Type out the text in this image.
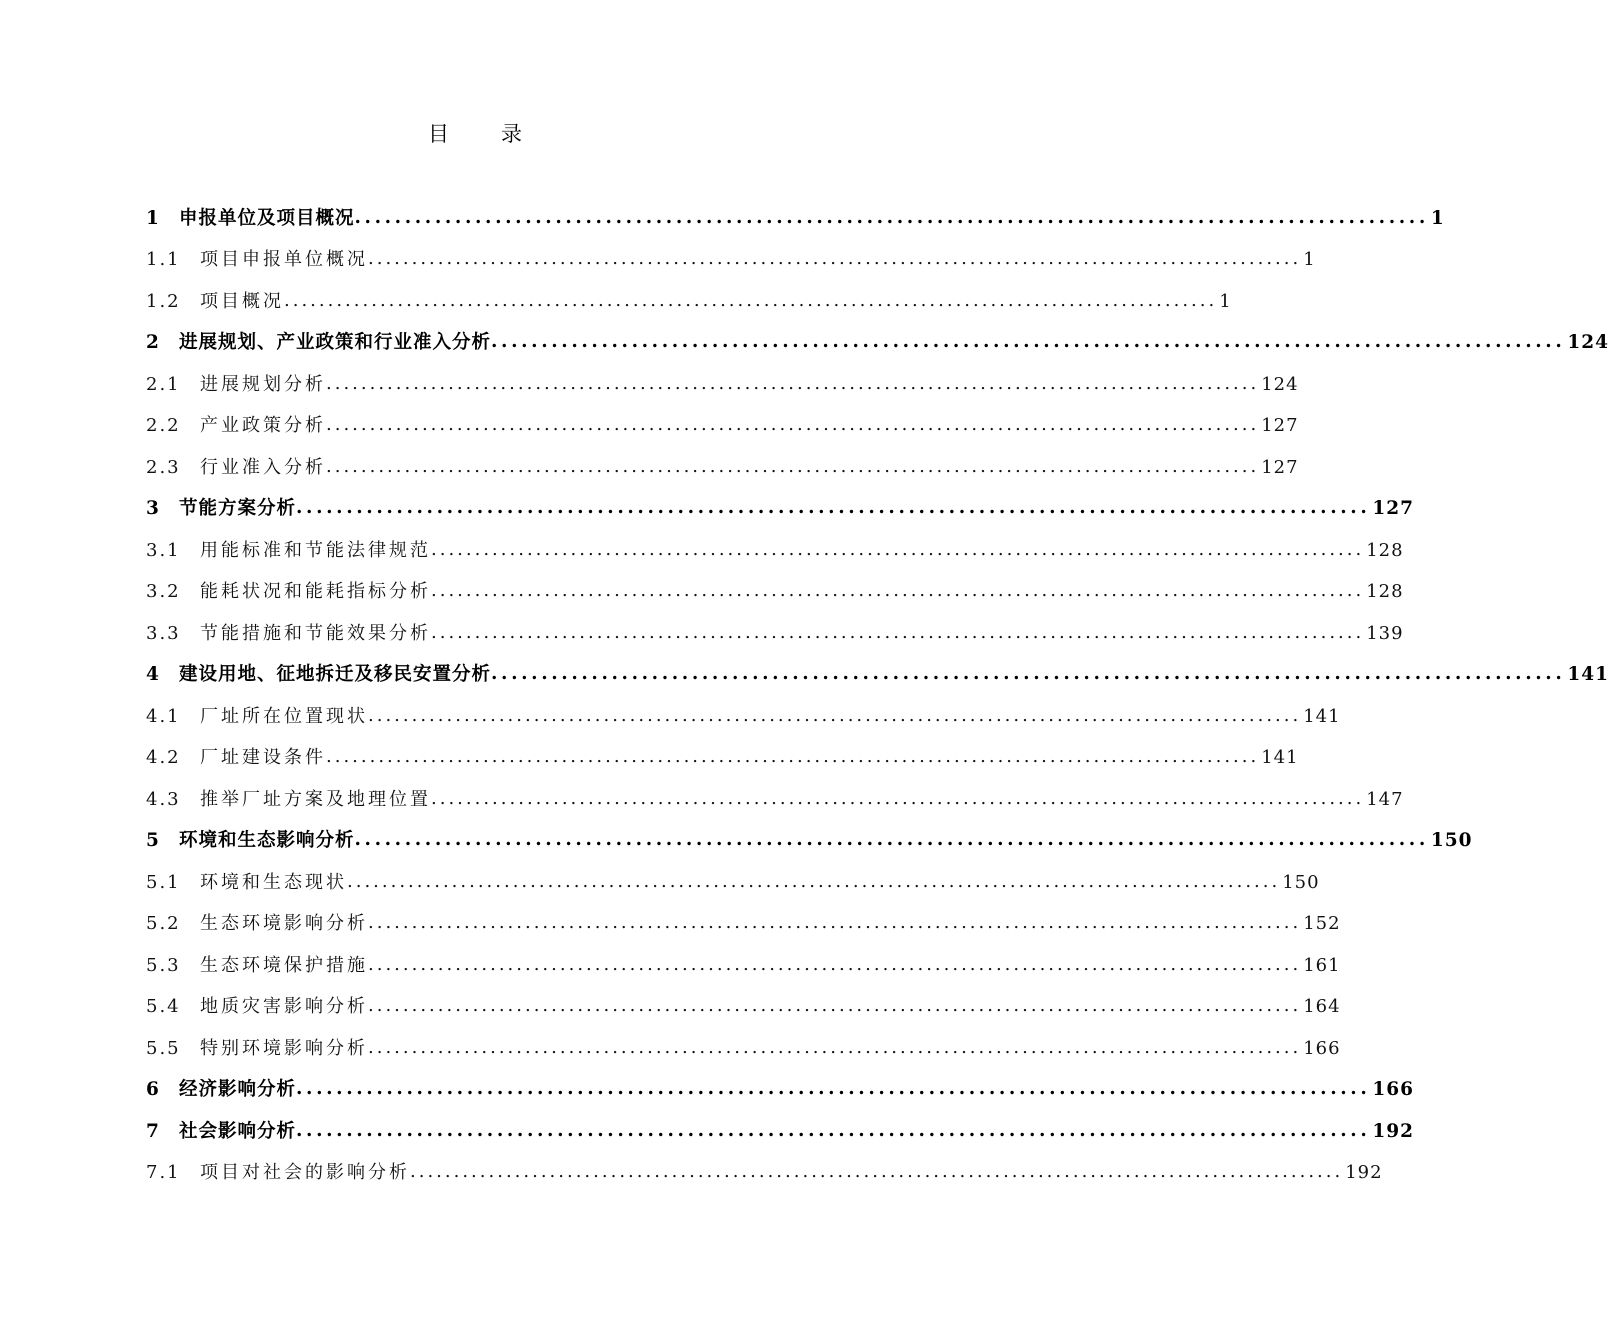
目 录
1	申报单位及项目概况 ........................................................................................................... 1
1.1	项目申报单位概况 ........................................................................................................... 1
1.2	项目概况 ........................................................................................................... 1
2	进展规划、产业政策和行业准入分析 ........................................................................................................... 124
2.1	进展规划分析 ........................................................................................................... 124
2.2	产业政策分析 ........................................................................................................... 127
2.3	行业准入分析 ........................................................................................................... 127
3	节能方案分析 ........................................................................................................... 127
3.1	用能标准和节能法律规范 ........................................................................................................... 128
3.2	能耗状况和能耗指标分析 ........................................................................................................... 128
3.3	节能措施和节能效果分析 ........................................................................................................... 139
4	建设用地、征地拆迁及移民安置分析 ........................................................................................................... 141
4.1	厂址所在位置现状 ........................................................................................................... 141
4.2	厂址建设条件 ........................................................................................................... 141
4.3	推举厂址方案及地理位置 ........................................................................................................... 147
5	环境和生态影响分析 ........................................................................................................... 150
5.1	环境和生态现状 ........................................................................................................... 150
5.2	生态环境影响分析 ........................................................................................................... 152
5.3	生态环境保护措施 ........................................................................................................... 161
5.4	地质灾害影响分析 ........................................................................................................... 164
5.5	特别环境影响分析 ........................................................................................................... 166
6	经济影响分析 ........................................................................................................... 166
7	社会影响分析 ........................................................................................................... 192
7.1	项目对社会的影响分析 ........................................................................................................... 192
